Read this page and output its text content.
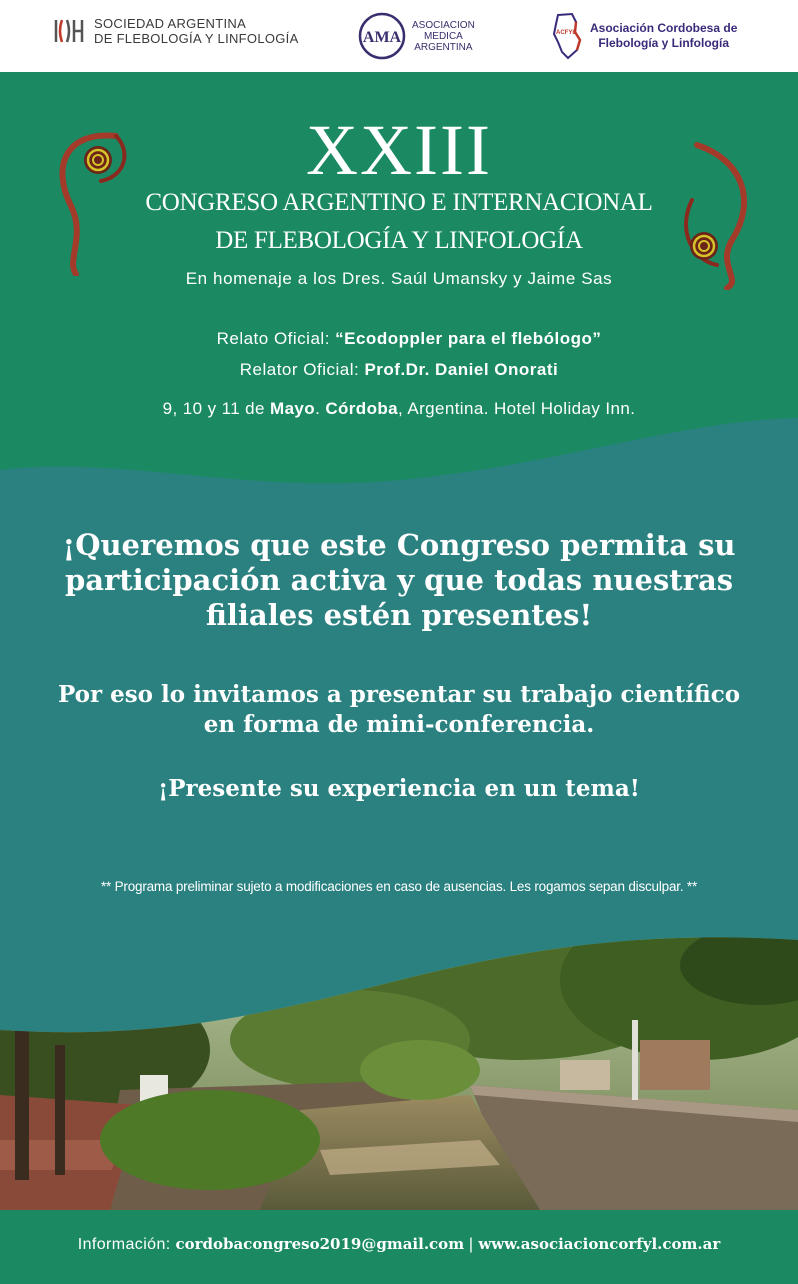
SOCIEDAD ARGENTINA
DE FLEBOLOGÍA Y LINFOLOGÍA	AMA
ASOCIACION
MEDICA
ARGENTINA
ACFYL Asociación Cordobesa de
Flebología y Linfología
XXIII
CONGRESO ARGENTINO E INTERNACIONAL
DE FLEBOLOGÍA Y LINFOLOGÍA
En homenaje a los Dres. Saúl Umansky y Jaime Sas
Relato Oficial: “Ecodoppler para el flebólogo”
Relator Oficial: Prof.Dr. Daniel Onorati
9, 10 y 11 de Mayo. Córdoba, Argentina. Hotel Holiday Inn.
¡Queremos que este Congreso permita su participación activa y que todas nuestras filiales estén presentes!
Por eso lo invitamos a presentar su trabajo científico en forma de mini-conferencia.
¡Presente su experiencia en un tema!
** Programa preliminar sujeto a modificaciones en caso de ausencias. Les rogamos sepan disculpar. **
Información: cordobacongreso2019@gmail.com | www.asociacioncorfyl.com.ar
